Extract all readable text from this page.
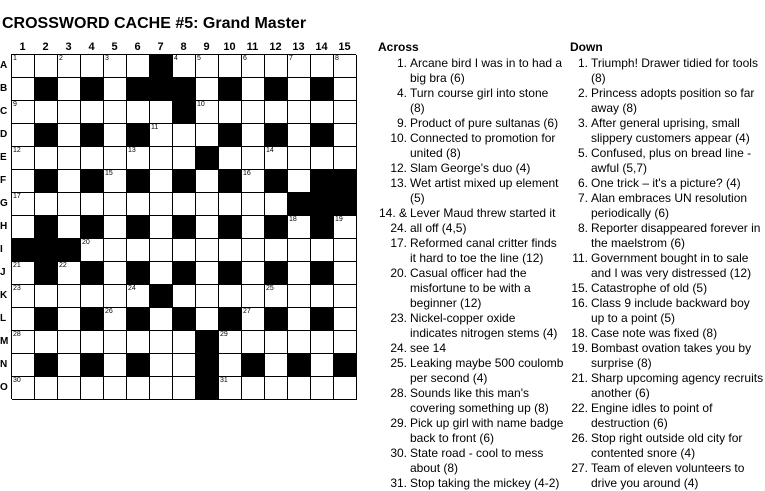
CROSSWORD CACHE #5: Grand Master
1	2	3	4	5	6	7	8	9	10	11	12 13 14 15
A
B
C
D
E
F
G
H
I
J
K
L
M
N
O
1	2	3	4	5	6	7	8
9	10
11
12	13	14
15	16
17
18	19
20
21	22
23	24	25
26	27
28	29
30	31
Across
1. Arcane bird I was in to had a big bra (6)
4. Turn course girl into stone (8)
9. Product of pure sultanas (6)
10. Connected to promotion for united (8)
12. Slam George's duo (4)
13. Wet artist mixed up element (5)
14. & 24.
Lever Maud threw started it all off (4,5)
17. Reformed canal critter finds it hard to toe the line (12)
20. Casual officer had the misfortune to be with a beginner (12)
23. Nickel-copper oxide indicates nitrogen stems (4)
24. see 14
25. Leaking maybe 500 coulomb per second (4)
28. Sounds like this man's covering something up (8)
29. Pick up girl with name badge back to front (6)
30. State road - cool to mess about (8)
31. Stop taking the mickey (4-2)
Down
1. Triumph! Drawer tidied for tools (8)
2. Princess adopts position so far away (8)
3. After general uprising, small slippery customers appear (4)
5. Confused, plus on bread line - awful (5,7)
6. One trick – it's a picture? (4)
7. Alan embraces UN resolution periodically (6)
8. Reporter disappeared forever in the maelstrom (6)
11. Government bought in to sale and I was very distressed (12)
15. Catastrophe of old (5)
16. Class 9 include backward boy up to a point (5)
18. Case note was fixed (8)
19. Bombast ovation takes you by surprise (8)
21. Sharp upcoming agency recruits another (6)
22. Engine idles to point of destruction (6)
26. Stop right outside old city for contented snore (4)
27. Team of eleven volunteers to drive you around (4)
